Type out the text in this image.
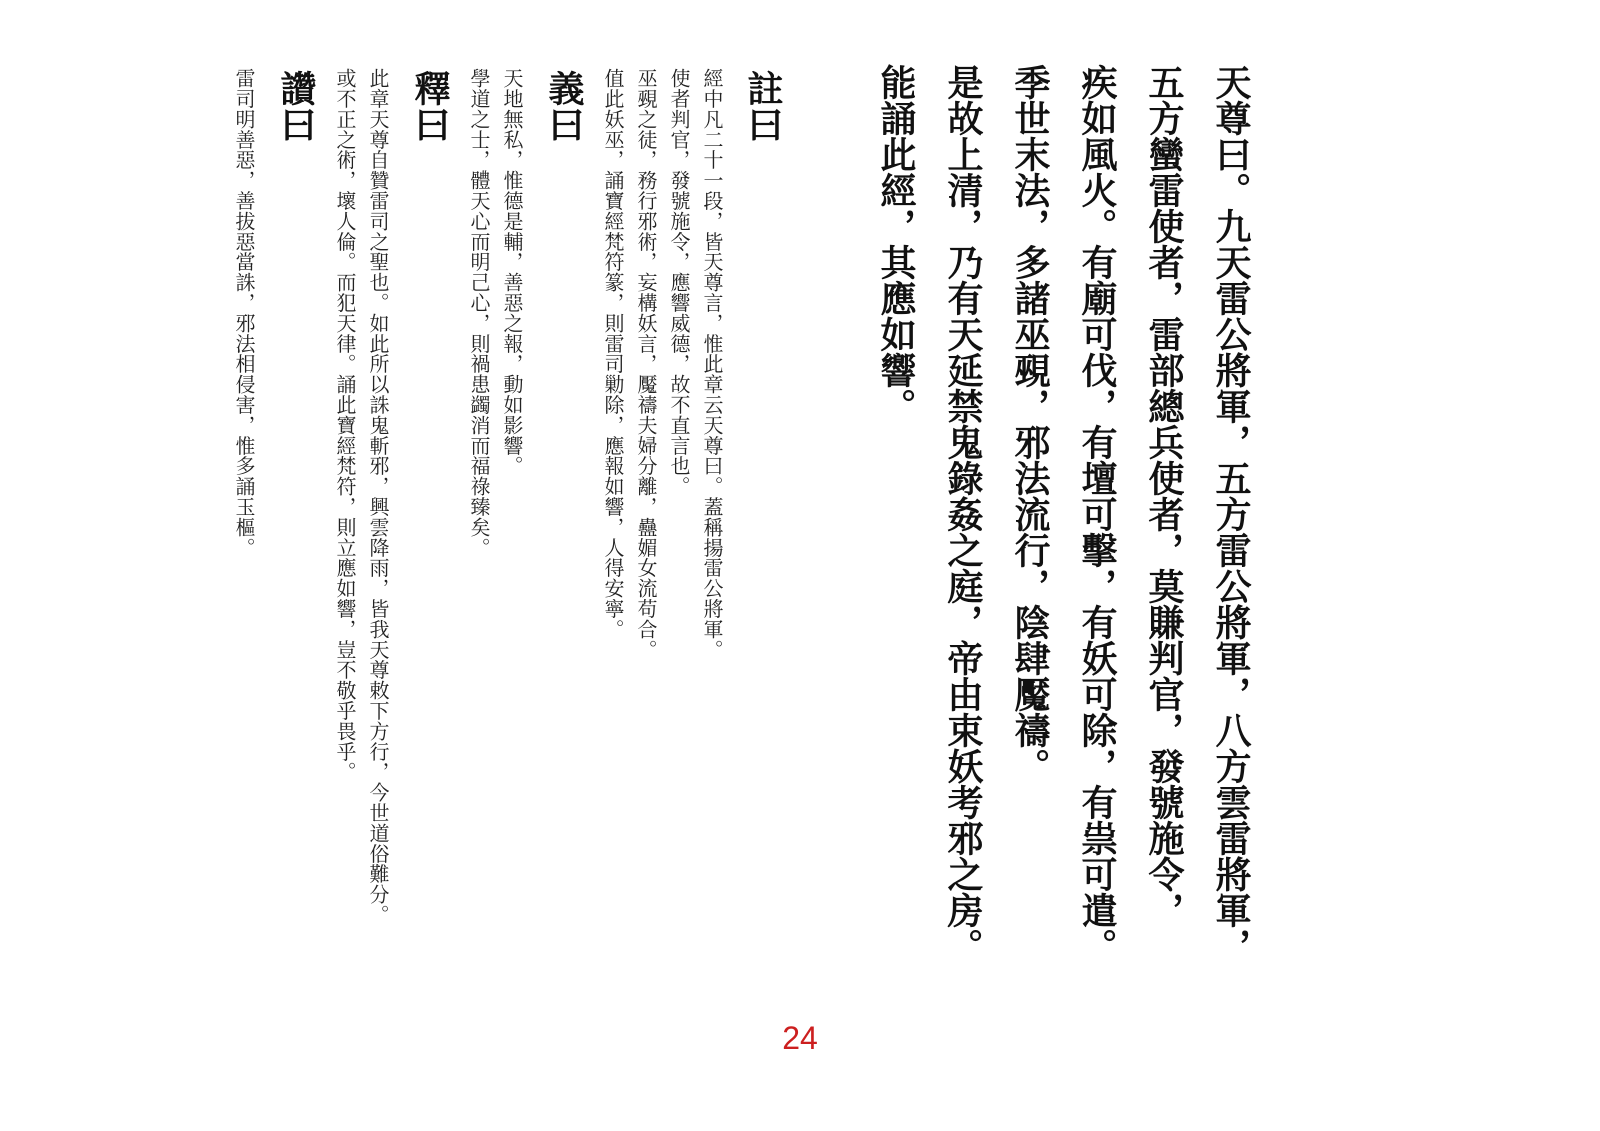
天尊曰。九天雷公將軍，五方雷公將軍，八方雲雷將軍，

五方蠻雷使者，雷部總兵使者，莫賺判官，發號施令，

疾如風火。有廟可伐，有壇可擊，有妖可除，有祟可遣。

季世末法，多諸巫覡，邪法流行，陰肆魘禱。

是故上清，乃有天延禁鬼錄姦之庭，帝由束妖考邪之房。

能誦此經，其應如響。

註曰

經中凡二十一段，皆天尊言，惟此章云天尊曰。蓋稱揚雷公將軍。

使者判官，發號施令，應響威德，故不直言也。

巫覡之徒，務行邪術，妄構妖言，魘禱夫婦分離，蠱媚女流苟合。

值此妖巫，誦寶經梵符篆，則雷司勦除，應報如響，人得安寧。

義曰

天地無私，惟德是輔，善惡之報，動如影響。

學道之士，體天心而明己心，則禍患蠲消而福祿臻矣。

釋曰

此章天尊自贊雷司之聖也。如此所以誅鬼斬邪，興雲降雨，皆我天尊敕下方行，今世道俗難分。

或不正之術，壞人倫。而犯天律。誦此寶經梵符，則立應如響，豈不敬乎畏乎。

讚曰

雷司明善惡，善拔惡當誅，邪法相侵害，惟多誦玉樞。

24
